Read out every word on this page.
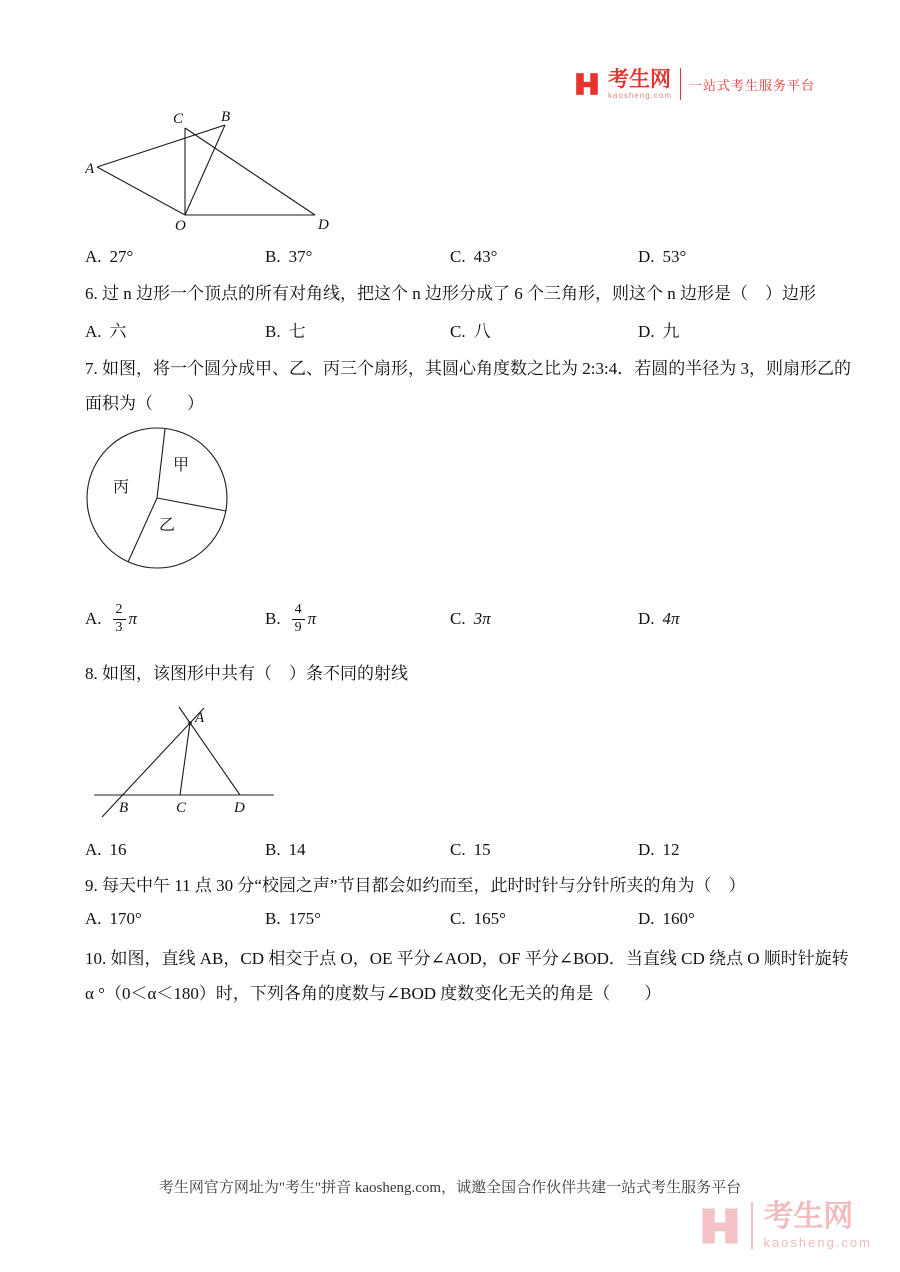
考生网
kaosheng.com
一站式考生服务平台
A
B
C
O	D
A. 27°	B. 37°	C. 43°	D. 53°
6. 过 n 边形一个顶点的所有对角线，把这个 n 边形分成了 6 个三角形，则这个 n 边形是（　）边形
A. 六	B. 七	C. 八	D. 九
7. 如图，将一个圆分成甲、乙、丙三个扇形，其圆心角度数之比为 2:3:4．若圆的半径为 3，则扇形乙的
面积为（　　）
甲
乙
丙
A. $\frac{2}{3}$ π	B. $\frac{4}{9}$ π	C. 3π	D. 4π
8. 如图，该图形中共有（　）条不同的射线
A
B	C	D
A. 16	B. 14	C. 15	D. 12
9. 每天中午 11 点 30 分“校园之声”节目都会如约而至，此时时针与分针所夹的角为（　）
A. 170°	B. 175°	C. 165°	D. 160°
10. 如图，直线 AB，CD 相交于点 O，OE 平分∠AOD，OF 平分∠BOD．当直线 CD 绕点 O 顺时针旋转
α °（0＜α＜180）时，下列各角的度数与∠BOD 度数变化无关的角是（　　）
考生网官方网址为"考生"拼音 kaosheng.com，诚邀全国合作伙伴共建一站式考生服务平台
考生网
kaosheng.com
